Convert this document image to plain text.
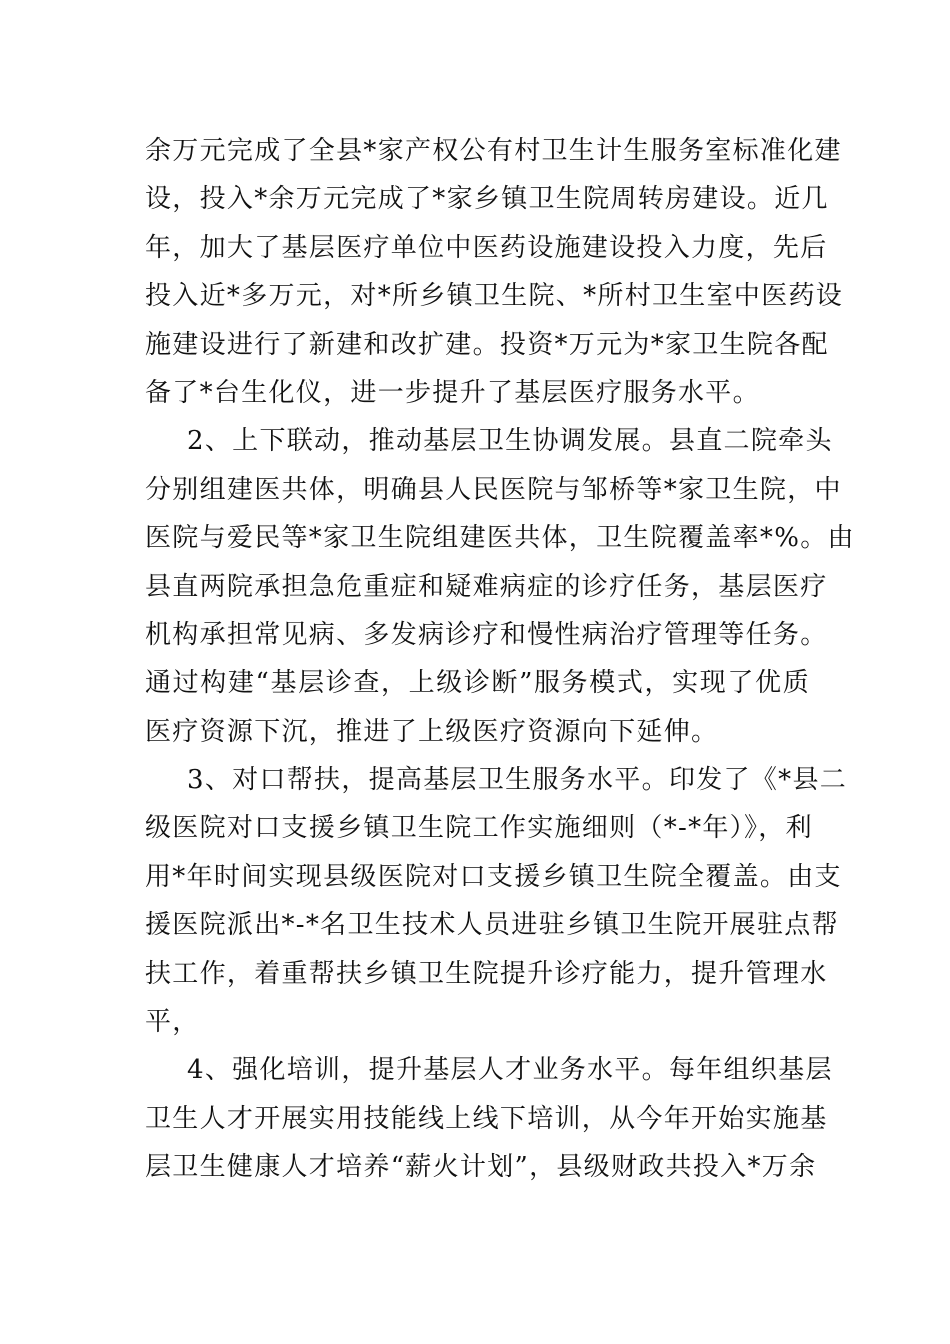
余万元完成了全县*家产权公有村卫生计生服务室标准化建
设，投入*余万元完成了*家乡镇卫生院周转房建设。近几
年，加大了基层医疗单位中医药设施建设投入力度，先后
投入近*多万元，对*所乡镇卫生院、*所村卫生室中医药设
施建设进行了新建和改扩建。投资*万元为*家卫生院各配
备了*台生化仪，进一步提升了基层医疗服务水平。
2、上下联动，推动基层卫生协调发展。县直二院牵头
分别组建医共体，明确县人民医院与邹桥等*家卫生院，中
医院与爱民等*家卫生院组建医共体，卫生院覆盖率*%。由
县直两院承担急危重症和疑难病症的诊疗任务，基层医疗
机构承担常见病、多发病诊疗和慢性病治疗管理等任务。
通过构建“基层诊查，上级诊断”服务模式，实现了优质
医疗资源下沉，推进了上级医疗资源向下延伸。
3、对口帮扶，提高基层卫生服务水平。印发了《*县二
级医院对口支援乡镇卫生院工作实施细则（*-*年）》，利
用*年时间实现县级医院对口支援乡镇卫生院全覆盖。由支
援医院派出*-*名卫生技术人员进驻乡镇卫生院开展驻点帮
扶工作，着重帮扶乡镇卫生院提升诊疗能力，提升管理水
平，
4、强化培训，提升基层人才业务水平。每年组织基层
卫生人才开展实用技能线上线下培训，从今年开始实施基
层卫生健康人才培养“薪火计划”，县级财政共投入*万余
